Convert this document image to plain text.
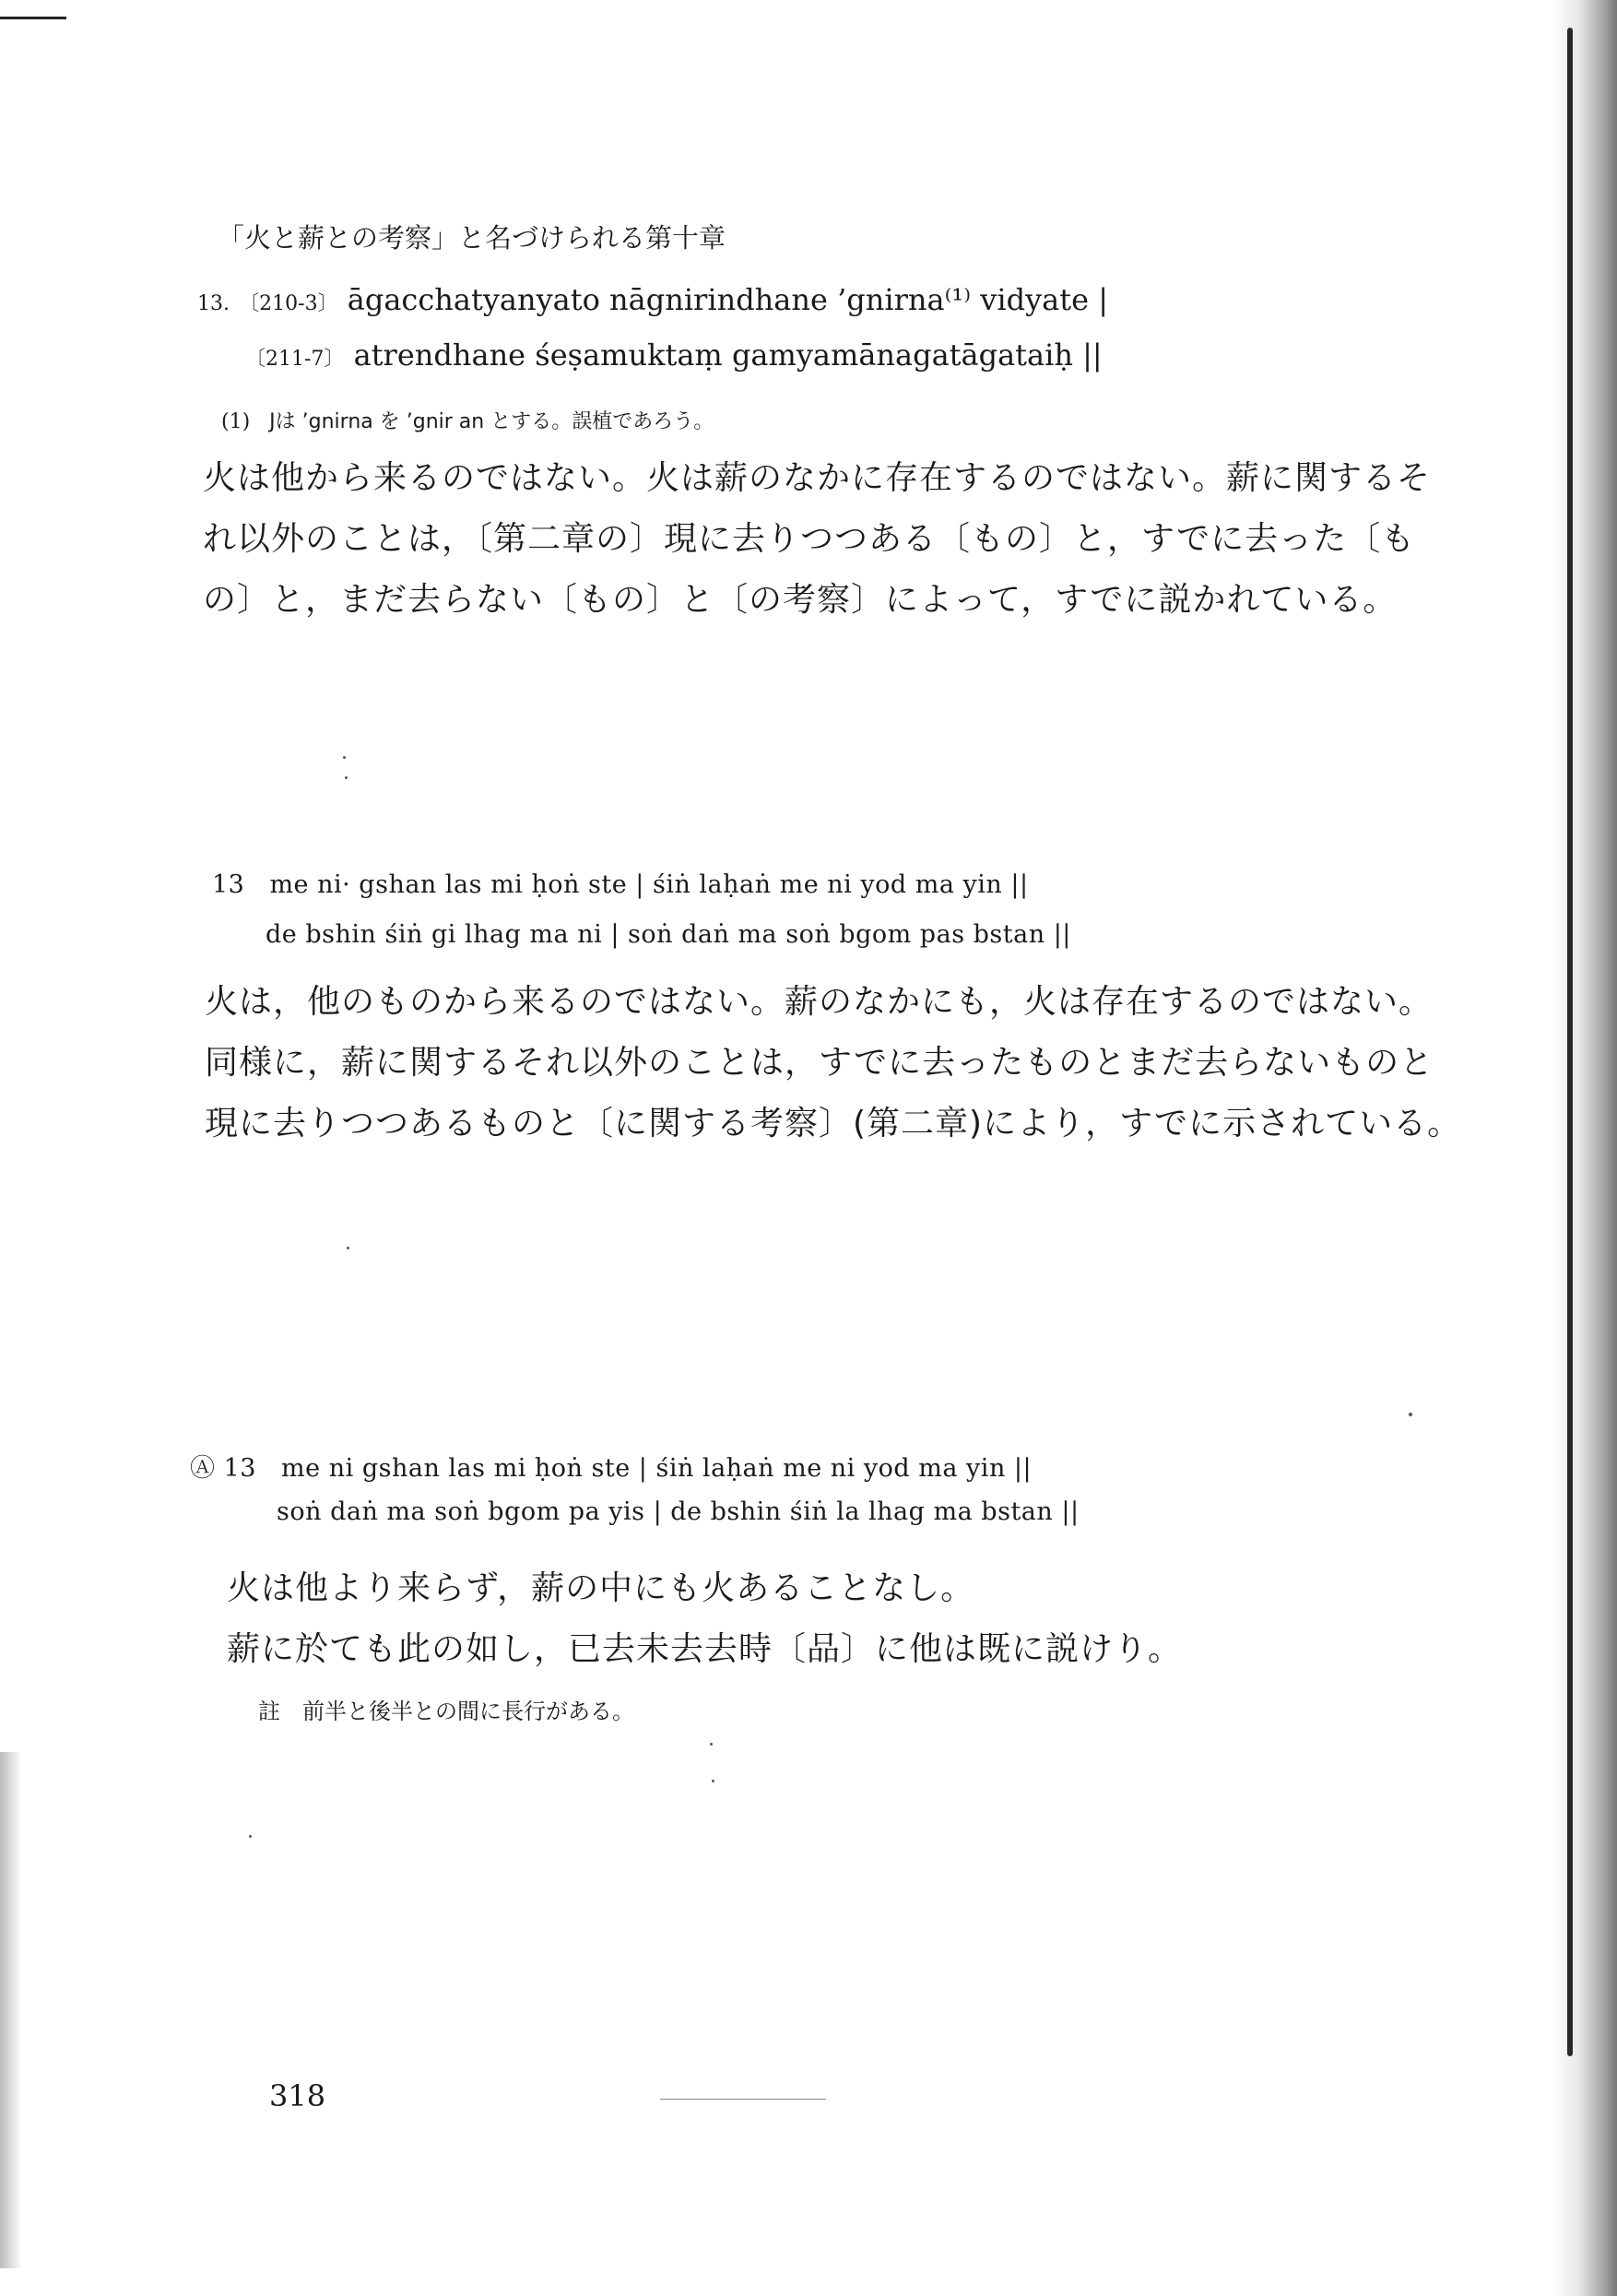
「火と薪との考察」と名づけられる第十章
13. 〔210-3〕 āgacchatyanyato nāgnirindhane ’gnirna⁽¹⁾ vidyate |
〔211-7〕 atrendhane śeṣamuktaṃ gamyamānagatāgataiḥ ||
(1) Jは ’gnirna を ’gnir an とする。誤植であろう。
火は他から来るのではない。火は薪のなかに存在するのではない。薪に関するそ
れ以外のことは，〔第二章の〕現に去りつつある〔もの〕と，すでに去った〔も
の〕と，まだ去らない〔もの〕と〔の考察〕によって，すでに説かれている。
13 me ni· gshan las mi ḥoṅ ste | śiṅ laḥaṅ me ni yod ma yin ||
de bshin śiṅ gi lhag ma ni | soṅ daṅ ma soṅ bgom pas bstan ||
火は，他のものから来るのではない。薪のなかにも，火は存在するのではない。
同様に，薪に関するそれ以外のことは，すでに去ったものとまだ去らないものと
現に去りつつあるものと〔に関する考察〕(第二章)により，すでに示されている。
Ⓐ 13 me ni gshan las mi ḥoṅ ste | śiṅ laḥaṅ me ni yod ma yin ||
soṅ daṅ ma soṅ bgom pa yis | de bshin śiṅ la lhag ma bstan ||
火は他より来らず，薪の中にも火あることなし。
薪に於ても此の如し，已去未去去時〔品〕に他は既に説けり。
註　前半と後半との間に長行がある。
318
